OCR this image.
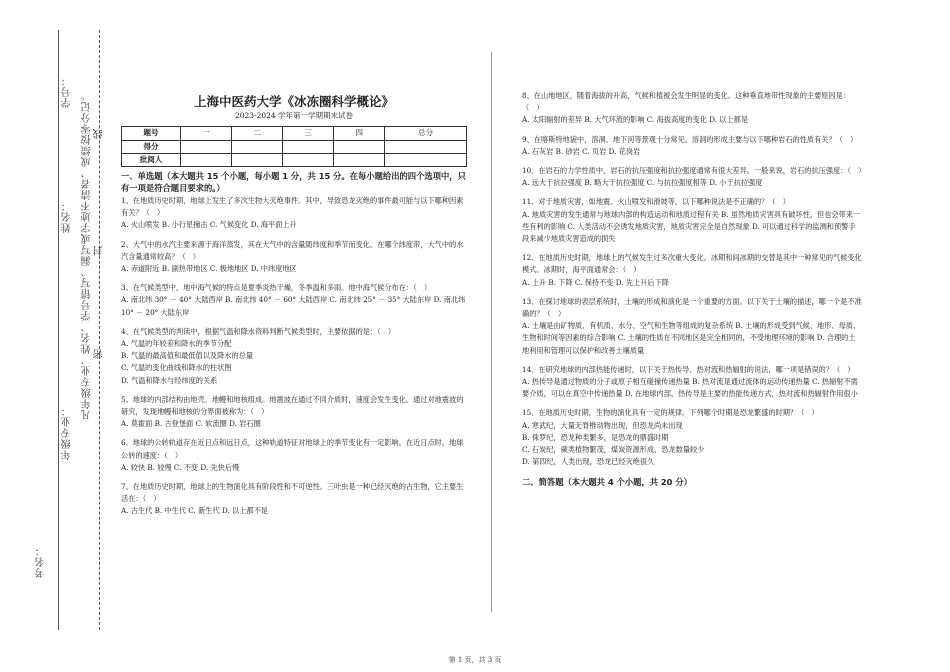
考名：
年级专业：
姓名：
学号： 凡年级专业、姓名、学号错写、漏写或字迹不清者，成绩按零分记。 线
封
密
上海中医药大学《冰冻圈科学概论》
2023-2024 学年第一学期期末试卷
题号	一	二	三	四	总分
得分					
批阅人					
一、单选题（本大题共 15 个小题，每小题 1 分，共 15 分。在每小题给出的四个选项中，只有一项是符合题目要求的。）

1、在地质历史时期，地球上发生了多次生物大灭绝事件。其中，导致恐龙灭绝的事件最可能与以下哪种因素有关？（　）

A. 火山喷发 B. 小行星撞击 C. 气候变化 D. 海平面上升

2、大气中的水汽主要来源于海洋蒸发，其在大气中的含量随纬度和季节而变化。在哪个纬度带，大气中的水汽含量通常较高？（　）

A. 赤道附近 B. 副热带地区 C. 极地地区 D. 中纬度地区

3、在气候类型中，地中海气候的特点是夏季炎热干燥，冬季温和多雨。地中海气候分布在：（　）

A. 南北纬 30° － 40° 大陆西岸 B. 南北纬 40° － 60° 大陆西岸 C. 南北纬 25° － 35° 大陆东岸 D. 南北纬 10° － 20° 大陆东岸

4、在气候类型的判读中，根据气温和降水资料判断气候类型时，主要依据的是：（　）

A. 气温的年较差和降水的季节分配

B. 气温的最高值和最低值以及降水的总量

C. 气温的变化曲线和降水的柱状图

D. 气温和降水与经纬度的关系

5、地球的内部结构由地壳、地幔和地核组成。地震波在通过不同介质时，速度会发生变化。通过对地震波的研究，发现地幔和地核的分界面被称为：（　）

A. 莫霍面 B. 古登堡面 C. 软流圈 D. 岩石圈

6、地球的公转轨道存在近日点和远日点，这种轨道特征对地球上的季节变化有一定影响。在近日点时，地球公转的速度：（　）

A. 较快 B. 较慢 C. 不变 D. 先快后慢

7、在地质历史时期，地球上的生物演化具有阶段性和不可逆性。三叶虫是一种已经灭绝的古生物，它主要生活在：（　）

A. 古生代 B. 中生代 C. 新生代 D. 以上都不是

8、在山地地区，随着海拔的升高，气候和植被会发生明显的变化。这种垂直地带性现象的主要原因是：（　）

A. 太阳辐射的差异 B. 大气环流的影响 C. 海拔高度的变化 D. 以上都是

9、在喀斯特地貌中，溶洞、地下河等景观十分常见。溶洞的形成主要与以下哪种岩石的性质有关？（　）

A. 石灰岩 B. 砂岩 C. 页岩 D. 花岗岩

10、在岩石的力学性质中，岩石的抗压强度和抗拉强度通常有很大差异。一般来说，岩石的抗压强度：（　）

A. 远大于抗拉强度 B. 略大于抗拉强度 C. 与抗拉强度相等 D. 小于抗拉强度

11、对于地质灾害，如地震、火山喷发和滑坡等，以下哪种说法是不正确的？（　）

A. 地质灾害的发生通常与地球内部的构造运动和地质过程有关 B. 虽然地质灾害具有破坏性，但也会带来一些有利的影响 C. 人类活动不会诱发地质灾害，地质灾害完全是自然现象 D. 可以通过科学的监测和预警手段来减少地质灾害造成的损失

12、在地质历史时期，地球上的气候发生过多次重大变化。冰期和间冰期的交替是其中一种常见的气候变化模式。冰期时，海平面通常会：（　）

A. 上升 B. 下降 C. 保持不变 D. 先上升后下降

13、在探讨地球的表层系统时，土壤的形成和演化是一个重要的方面。以下关于土壤的描述，哪一个是不准确的？（　）

A. 土壤是由矿物质、有机质、水分、空气和生物等组成的复杂系统 B. 土壤的形成受到气候、地形、母质、生物和时间等因素的综合影响 C. 土壤的性质在不同地区是完全相同的，不受地理环境的影响 D. 合理的土地利用和管理可以保护和改善土壤质量

14、在研究地球的内部热能传递时，以下关于热传导、热对流和热辐射的说法，哪一项是错误的？（　）

A. 热传导是通过物质的分子或原子相互碰撞传递热量 B. 热对流是通过流体的运动传递热量 C. 热辐射不需要介质，可以在真空中传递热量 D. 在地球内部，热传导是主要的热能传递方式，热对流和热辐射作用很小

15、在地质历史时期，生物的演化具有一定的规律。下列哪个时期是恐龙繁盛的时期？（　）

A. 寒武纪，大量无脊椎动物出现，但恐龙尚未出现

B. 侏罗纪，恐龙种类繁多，是恐龙的鼎盛时期

C. 石炭纪，蕨类植物繁茂，煤炭资源形成，恐龙数量较少

D. 第四纪，人类出现，恐龙已经灭绝很久

二、简答题（本大题共 4 个小题，共 20 分）
第 1 页，共 3 页
